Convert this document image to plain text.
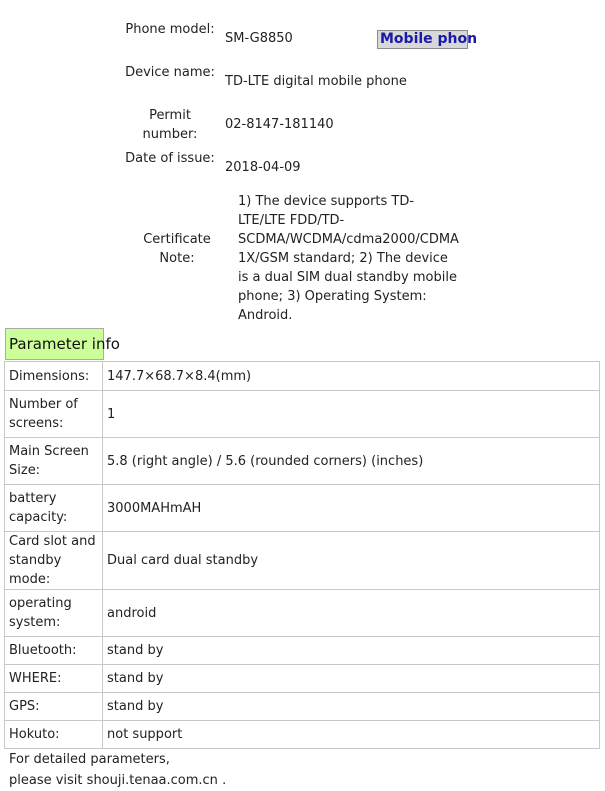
Phone model:
SM-G8850	Mobile phon
Device name:
TD-LTE digital mobile phone
Permit number:
02-8147-181140
Date of issue:
2018-04-09
Certificate Note:
1) The device supports TD-LTE/LTE FDD/TD-SCDMA/WCDMA/cdma2000/CDMA 1X/GSM standard; 2) The device is a dual SIM dual standby mobile phone; 3) Operating System: Android.
Parameter info
Dimensions:	147.7×68.7×8.4(mm)
Number of screens:	1
Main Screen Size:	5.8 (right angle) / 5.6 (rounded corners) (inches)
battery capacity:	3000MAHmAH
Card slot and standby mode:	Dual card dual standby
operating system:	android
Bluetooth:	stand by
WHERE:	stand by
GPS:	stand by
Hokuto:	not support
For detailed parameters,
please visit shouji.tenaa.com.cn .
